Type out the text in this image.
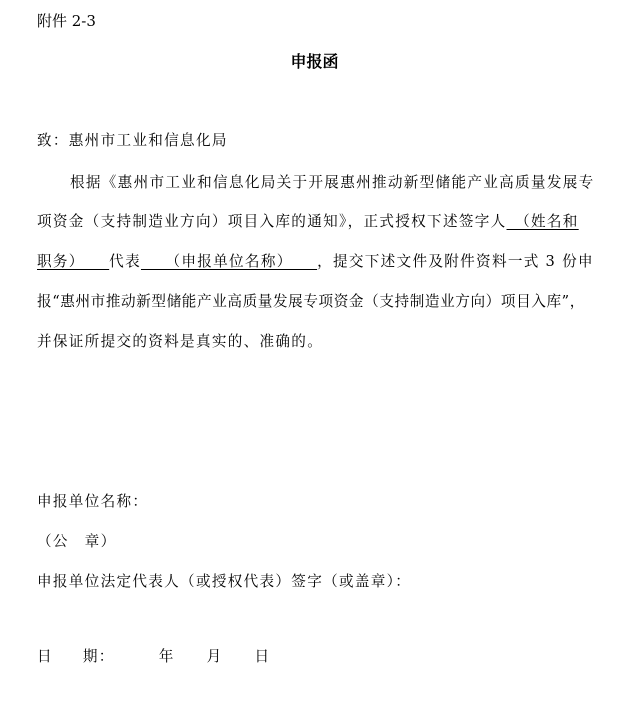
附件 2-3
申报函
致：惠州市工业和信息化局
根据《惠州市工业和信息化局关于开展惠州推动新型储能产业高质量发展专
项资金（支持制造业方向）项目入库的通知》，正式授权下述签字人　（姓名和
职务）　　代表　　（申报单位名称）　　，提交下述文件及附件资料一式 3 份申
报“惠州市推动新型储能产业高质量发展专项资金（支持制造业方向）项目入库”，
并保证所提交的资料是真实的、准确的。
申报单位名称：
（公　章）
申报单位法定代表人（或授权代表）签字（或盖章）：
日 期：	年 月 日
